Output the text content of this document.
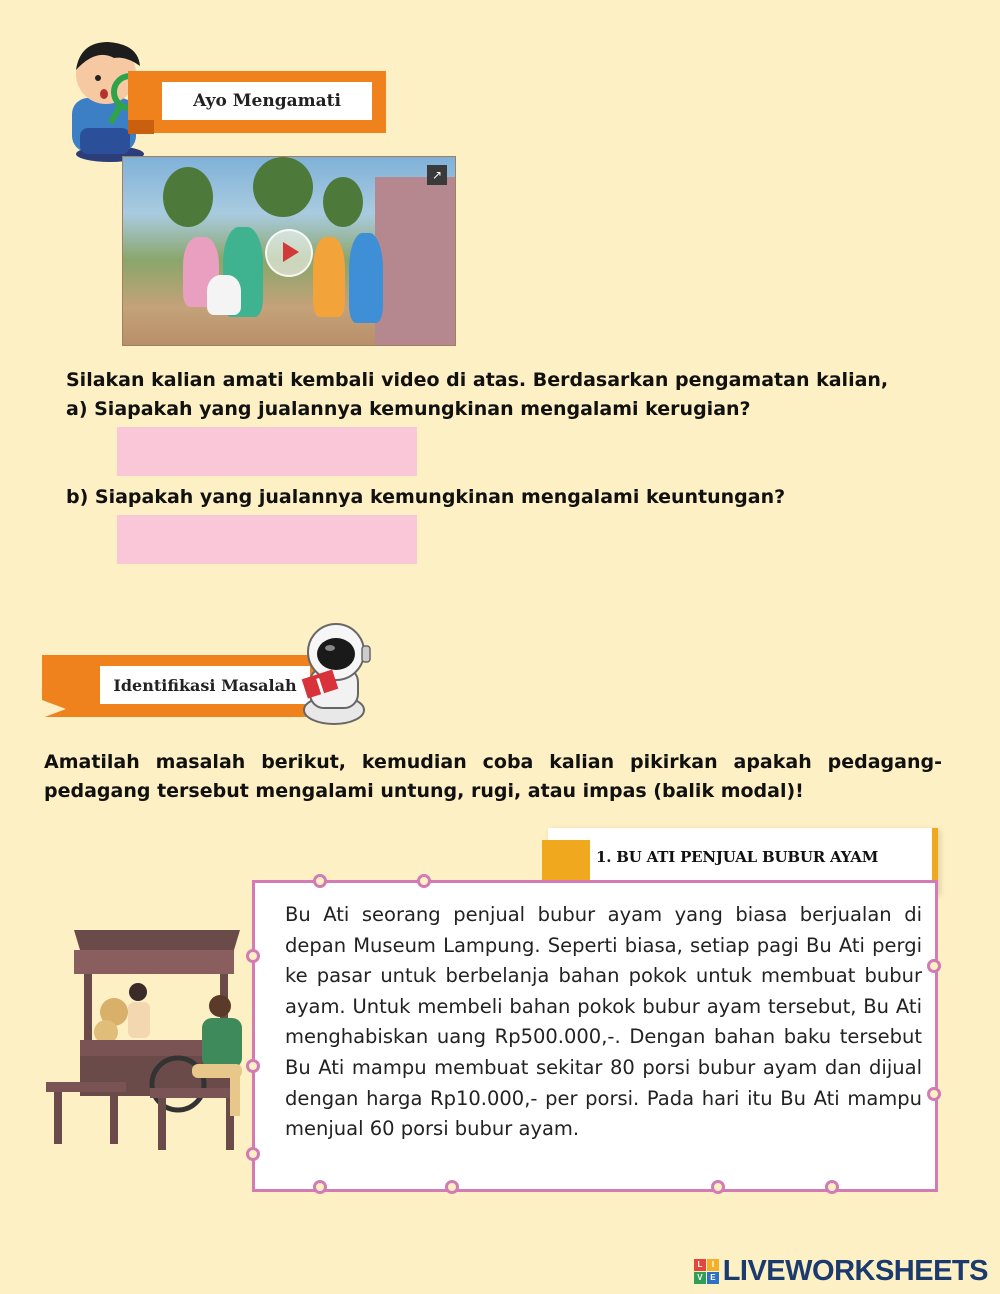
Ayo Mengamati
↗
Silakan kalian amati kembali video di atas. Berdasarkan pengamatan kalian,
a) Siapakah yang jualannya kemungkinan mengalami kerugian?
b) Siapakah yang jualannya kemungkinan mengalami keuntungan?
Identifikasi Masalah
Amatilah masalah berikut, kemudian coba kalian pikirkan apakah pedagang-pedagang tersebut mengalami untung, rugi, atau impas (balik modal)!
1. BU ATI PENJUAL BUBUR AYAM
Bu Ati seorang penjual bubur ayam yang biasa berjualan di depan Museum Lampung. Seperti biasa, setiap pagi Bu Ati pergi ke pasar untuk berbelanja bahan pokok untuk membuat bubur ayam. Untuk membeli bahan pokok bubur ayam tersebut, Bu Ati menghabiskan uang Rp500.000,-. Dengan bahan baku tersebut Bu Ati mampu membuat sekitar 80 porsi bubur ayam dan dijual dengan harga Rp10.000,- per porsi. Pada hari itu Bu Ati mampu menjual 60 porsi bubur ayam.
L	I
V	E LIVEWORKSHEETS
